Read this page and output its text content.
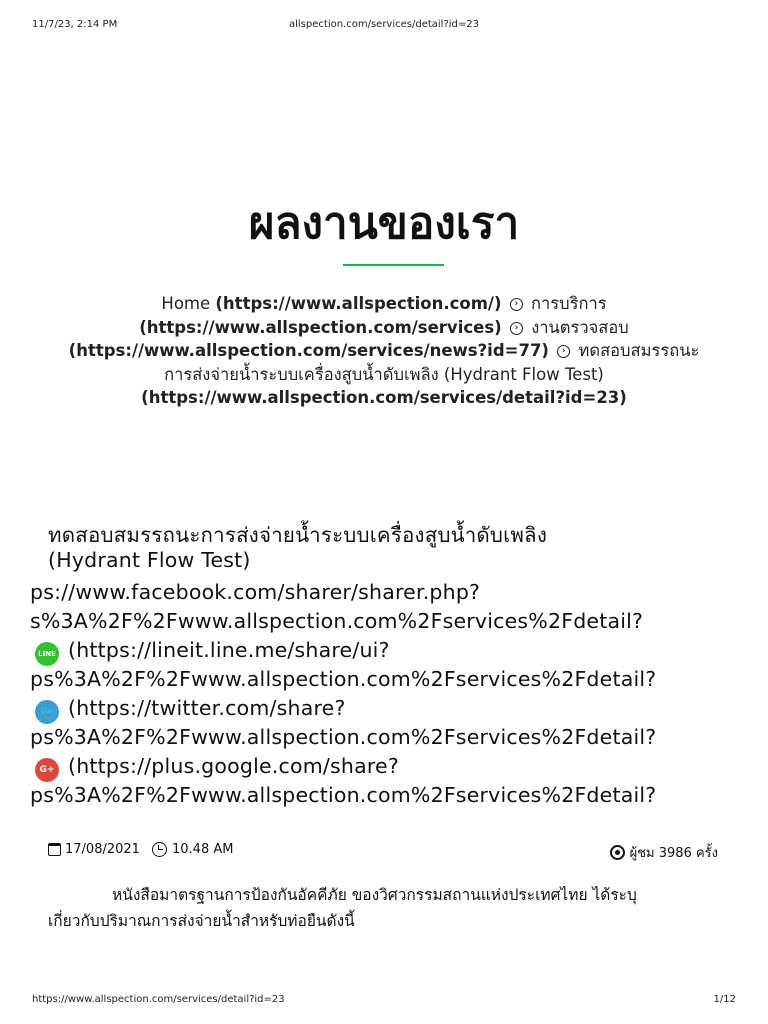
11/7/23, 2:14 PM	allspection.com/services/detail?id=23
ผลงานของเรา
Home (https://www.allspection.com/) › การบริการ
(https://www.allspection.com/services) › งานตรวจสอบ
(https://www.allspection.com/services/news?id=77) › ทดสอบสมรรถนะการส่งจ่ายน้ำระบบเครื่องสูบน้ำดับเพลิง (Hydrant Flow Test)
(https://www.allspection.com/services/detail?id=23)
ทดสอบสมรรถนะการส่งจ่ายน้ำระบบเครื่องสูบน้ำดับเพลิง
(Hydrant Flow Test)
ps://www.facebook.com/sharer/sharer.php?
s%3A%2F%2Fwww.allspection.com%2Fservices%2Fdetail?
LINE (https://lineit.line.me/share/ui?
ps%3A%2F%2Fwww.allspection.com%2Fservices%2Fdetail?
🐦 (https://twitter.com/share?
ps%3A%2F%2Fwww.allspection.com%2Fservices%2Fdetail?
G+ (https://plus.google.com/share?
ps%3A%2F%2Fwww.allspection.com%2Fservices%2Fdetail?
17/08/2021 10.48 AM	ผู้ชม 3986 ครั้ง
หนังสือมาตรฐานการป้องกันอัคคีภัย ของวิศวกรรมสถานแห่งประเทศไทย ได้ระบุ
เกี่ยวกับปริมาณการส่งจ่ายน้ำสำหรับท่อยืนดังนี้
https://www.allspection.com/services/detail?id=23	1/12
